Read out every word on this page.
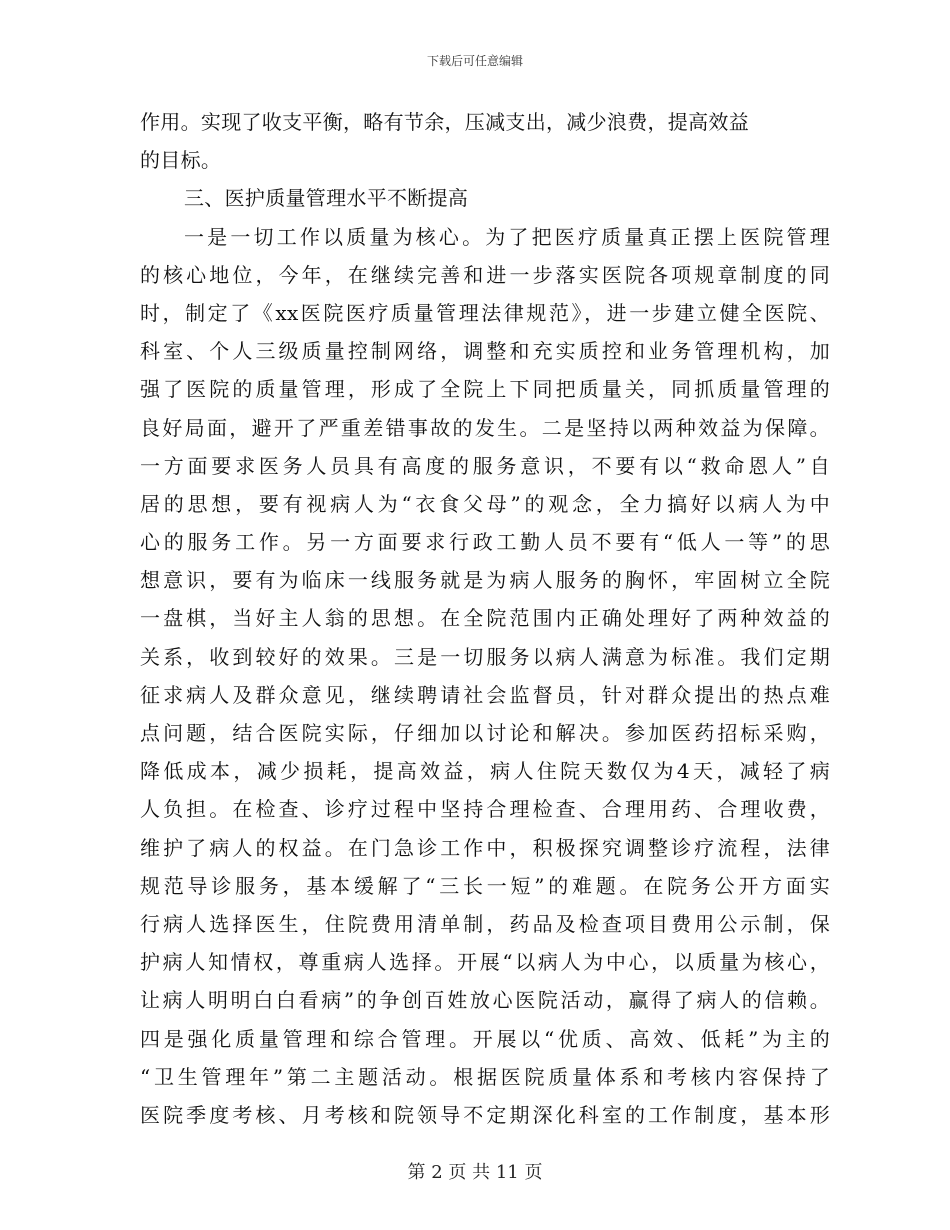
下载后可任意编辑
作用。实现了收支平衡，略有节余，压减支出，减少浪费，提高效益
的目标。
三、医护质量管理水平不断提高
一是一切工作以质量为核心。为了把医疗质量真正摆上医院管理
的核心地位，今年，在继续完善和进一步落实医院各项规章制度的同
时，制定了《xx医院医疗质量管理法律规范》，进一步建立健全医院、
科室、个人三级质量控制网络，调整和充实质控和业务管理机构，加
强了医院的质量管理，形成了全院上下同把质量关，同抓质量管理的
良好局面，避开了严重差错事故的发生。二是坚持以两种效益为保障。
一方面要求医务人员具有高度的服务意识，不要有以“救命恩人”自
居的思想，要有视病人为“衣食父母”的观念，全力搞好以病人为中
心的服务工作。另一方面要求行政工勤人员不要有“低人一等”的思
想意识，要有为临床一线服务就是为病人服务的胸怀，牢固树立全院
一盘棋，当好主人翁的思想。在全院范围内正确处理好了两种效益的
关系，收到较好的效果。三是一切服务以病人满意为标准。我们定期
征求病人及群众意见，继续聘请社会监督员，针对群众提出的热点难
点问题，结合医院实际，仔细加以讨论和解决。参加医药招标采购，
降低成本，减少损耗，提高效益，病人住院天数仅为4天，减轻了病
人负担。在检查、诊疗过程中坚持合理检查、合理用药、合理收费，
维护了病人的权益。在门急诊工作中，积极探究调整诊疗流程，法律
规范导诊服务，基本缓解了“三长一短”的难题。在院务公开方面实
行病人选择医生，住院费用清单制，药品及检查项目费用公示制，保
护病人知情权，尊重病人选择。开展“以病人为中心，以质量为核心，
让病人明明白白看病”的争创百姓放心医院活动，赢得了病人的信赖。
四是强化质量管理和综合管理。开展以“优质、高效、低耗”为主的
“卫生管理年”第二主题活动。根据医院质量体系和考核内容保持了
医院季度考核、月考核和院领导不定期深化科室的工作制度，基本形
第 2 页 共 11 页
